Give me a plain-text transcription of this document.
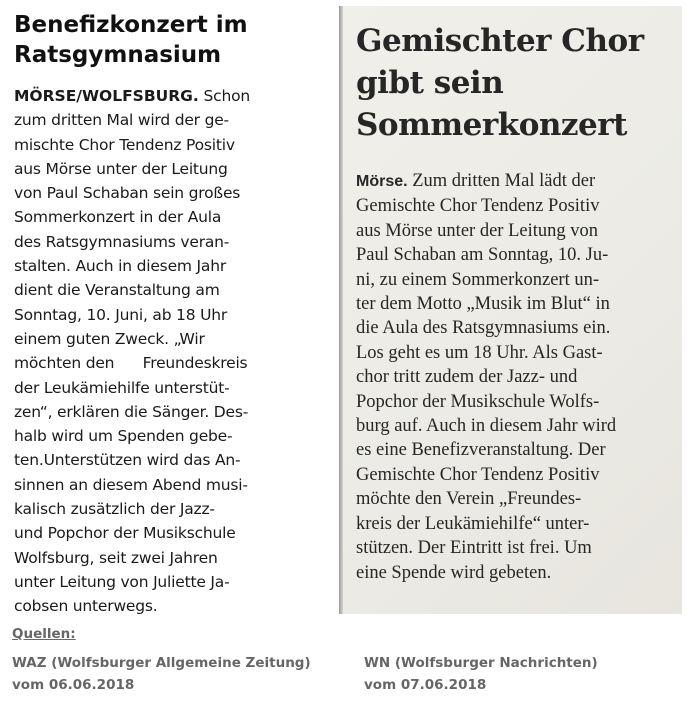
Benefizkonzert im
Ratsgymnasium
MÖRSE/WOLFSBURG. Schon
zum dritten Mal wird der ge-
mischte Chor Tendenz Positiv
aus Mörse unter der Leitung
von Paul Schaban sein großes
Sommerkonzert in der Aula
des Ratsgymnasiums veran-
stalten. Auch in diesem Jahr
dient die Veranstaltung am
Sonntag, 10. Juni, ab 18 Uhr
einem guten Zweck. „Wir
möchten den      Freundeskreis
der Leukämiehilfe unterstüt-
zen“, erklären die Sänger. Des-
halb wird um Spenden gebe-
ten.Unterstützen wird das An-
sinnen an diesem Abend musi-
kalisch zusätzlich der Jazz-
und Popchor der Musikschule
Wolfsburg, seit zwei Jahren
unter Leitung von Juliette Ja-
cobsen unterwegs.
Gemischter Chor
gibt sein
Sommerkonzert
Mörse. Zum dritten Mal lädt der
Gemischte Chor Tendenz Positiv
aus Mörse unter der Leitung von
Paul Schaban am Sonntag, 10. Ju-
ni, zu einem Sommerkonzert un-
ter dem Motto „Musik im Blut“ in
die Aula des Ratsgymnasiums ein.
Los geht es um 18 Uhr. Als Gast-
chor tritt zudem der Jazz- und
Popchor der Musikschule Wolfs-
burg auf. Auch in diesem Jahr wird
es eine Benefizveranstaltung. Der
Gemischte Chor Tendenz Positiv
möchte den Verein „Freundes-
kreis der Leukämiehilfe“ unter-
stützen. Der Eintritt ist frei. Um
eine Spende wird gebeten.
Quellen:
WAZ (Wolfsburger Allgemeine Zeitung)
vom 06.06.2018
WN (Wolfsburger Nachrichten)
vom 07.06.2018
